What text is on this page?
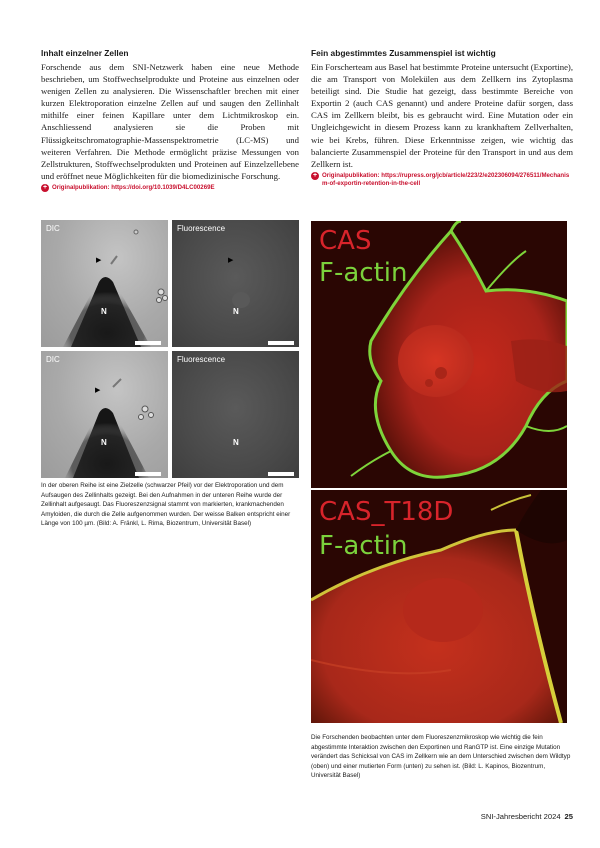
Inhalt einzelner Zellen

Forschende aus dem SNI-Netzwerk haben eine neue Methode beschrieben, um Stoffwechselprodukte und Proteine aus einzelnen oder wenigen Zellen zu analysieren. Die Wissenschaftler brechen mit einer kurzen Elektroporation einzelne Zellen auf und saugen den Zellinhalt mithilfe einer feinen Kapillare unter dem Lichtmikroskop ein. Anschliessend analysieren sie die Proben mit Flüssigkeitschromatographie-Massenspektrometrie (LC-MS) und weiteren Verfahren. Die Methode ermöglicht präzise Messungen von Zellstrukturen, Stoffwechselprodukten und Proteinen auf Einzelzellebene und eröffnet neue Möglichkeiten für die biomedizinische Forschung.

+ Originalpublikation: https://doi.org/10.1039/D4LC00269E
Fein abgestimmtes Zusammenspiel ist wichtig

Ein Forscherteam aus Basel hat bestimmte Proteine untersucht (Exportine), die am Transport von Molekülen aus dem Zellkern ins Zytoplasma beteiligt sind. Die Studie hat gezeigt, dass bestimmte Bereiche von Exportin 2 (auch CAS genannt) und andere Proteine dafür sorgen, dass CAS im Zellkern bleibt, bis es gebraucht wird. Eine Mutation oder ein Ungleichgewicht in diesem Prozess kann zu krankhaftem Zellverhalten, wie bei Krebs, führen. Diese Erkenntnisse zeigen, wie wichtig das balancierte Zusammenspiel der Proteine für den Transport in und aus dem Zellkern ist.

+ Originalpublikation: https://rupress.org/jcb/article/223/2/e202306094/276511/Mechanism-of-exportin-retention-in-the-cell
DIC
▶
N
Fluorescence
▶
N
DIC
▶
N
Fluorescence
N
In der oberen Reihe ist eine Zielzelle (schwarzer Pfeil) vor der Elektroporation und dem Aufsaugen des Zellinhalts gezeigt. Bei den Aufnahmen in der unteren Reihe wurde der Zellinhalt aufgesaugt. Das Fluoreszenzsignal stammt von markierten, krankmachenden Amyloiden, die durch die Zelle aufgenommen wurden. Der weisse Balken entspricht einer Länge von 100 µm. (Bild: A. Fränkl, L. Rima, Biozentrum, Universität Basel)
CAS
F-actin
CAS_T18D
F-actin
Die Forschenden beobachten unter dem Fluoreszenzmikroskop wie wichtig die fein abgestimmte Interaktion zwischen den Exportinen und RanGTP ist. Eine einzige Mutation verändert das Schicksal von CAS im Zellkern wie an dem Unterschied zwischen dem Wildtyp (oben) und einer mutierten Form (unten) zu sehen ist. (Bild: L. Kapinos, Biozentrum, Universität Basel)
SNI-Jahresbericht 2024 25
